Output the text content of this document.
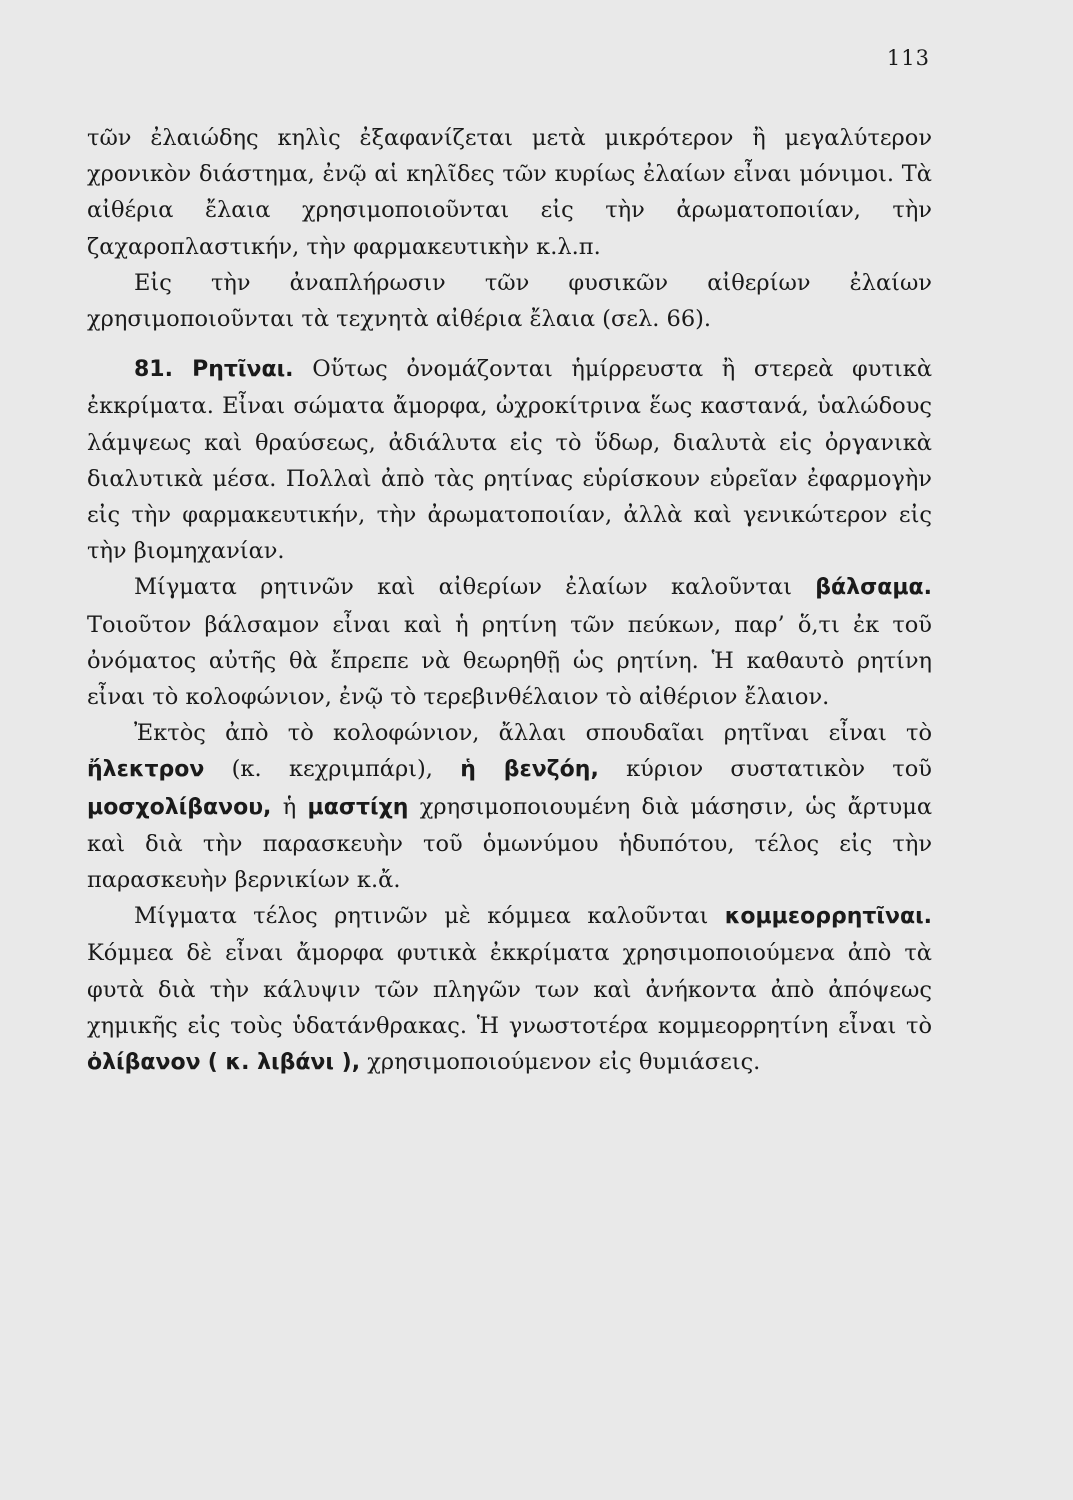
113

τῶν ἐλαιώδης κηλὶς ἐξαφανίζεται μετὰ μικρότερον ἢ μεγαλύτερον χρονικὸν διάστημα, ἐνῷ αἱ κηλῖδες τῶν κυρίως ἐλαίων εἶναι μόνιμοι. Τὰ αἰθέρια ἔλαια χρησιμοποιοῦνται εἰς τὴν ἀρωματοποιίαν, τὴν ζαχαροπλαστικήν, τὴν φαρμακευτικὴν κ.λ.π.

Εἰς τὴν ἀναπλήρωσιν τῶν φυσικῶν αἰθερίων ἐλαίων χρησιμοποιοῦνται τὰ τεχνητὰ αἰθέρια ἔλαια (σελ. 66).

81. Ρητῖναι. Οὕτως ὀνομάζονται ἡμίρρευστα ἢ στερεὰ φυτικὰ ἐκκρίματα. Εἶναι σώματα ἄμορφα, ὠχροκίτρινα ἕως καστανά, ὑαλώδους λάμψεως καὶ θραύσεως, ἀδιάλυτα εἰς τὸ ὕδωρ, διαλυτὰ εἰς ὀργανικὰ διαλυτικὰ μέσα. Πολλαὶ ἀπὸ τὰς ρητίνας εὑρίσκουν εὐρεῖαν ἐφαρμογὴν εἰς τὴν φαρμακευτικήν, τὴν ἀρωματοποιίαν, ἀλλὰ καὶ γενικώτερον εἰς τὴν βιομηχανίαν.

Μίγματα ρητινῶν καὶ αἰθερίων ἐλαίων καλοῦνται βάλσαμα. Τοιοῦτον βάλσαμον εἶναι καὶ ἡ ρητίνη τῶν πεύκων, παρ’ ὅ,τι ἐκ τοῦ ὀνόματος αὐτῆς θὰ ἔπρεπε νὰ θεωρηθῇ ὡς ρητίνη. Ἡ καθαυτὸ ρητίνη εἶναι τὸ κολοφώνιον, ἐνῷ τὸ τερεβινθέλαιον τὸ αἰθέριον ἔλαιον.

Ἐκτὸς ἀπὸ τὸ κολοφώνιον, ἄλλαι σπουδαῖαι ρητῖναι εἶναι τὸ ἤλεκτρον (κ. κεχριμπάρι), ἡ βενζόη, κύριον συστατικὸν τοῦ μοσχολίβανου, ἡ μαστίχη χρησιμοποιουμένη διὰ μάσησιν, ὡς ἄρτυμα καὶ διὰ τὴν παρασκευὴν τοῦ ὁμωνύμου ἡδυπότου, τέλος εἰς τὴν παρασκευὴν βερνικίων κ.ἄ.

Μίγματα τέλος ρητινῶν μὲ κόμμεα καλοῦνται κομμεορρητῖναι. Κόμμεα δὲ εἶναι ἄμορφα φυτικὰ ἐκκρίματα χρησιμοποιούμενα ἀπὸ τὰ φυτὰ διὰ τὴν κάλυψιν τῶν πληγῶν των καὶ ἀνήκοντα ἀπὸ ἀπόψεως χημικῆς εἰς τοὺς ὑδατάνθρακας. Ἡ γνωστοτέρα κομμεορρητίνη εἶναι τὸ ὀλίβανον ( κ. λιβάνι ), χρησιμοποιούμενον εἰς θυμιάσεις.
